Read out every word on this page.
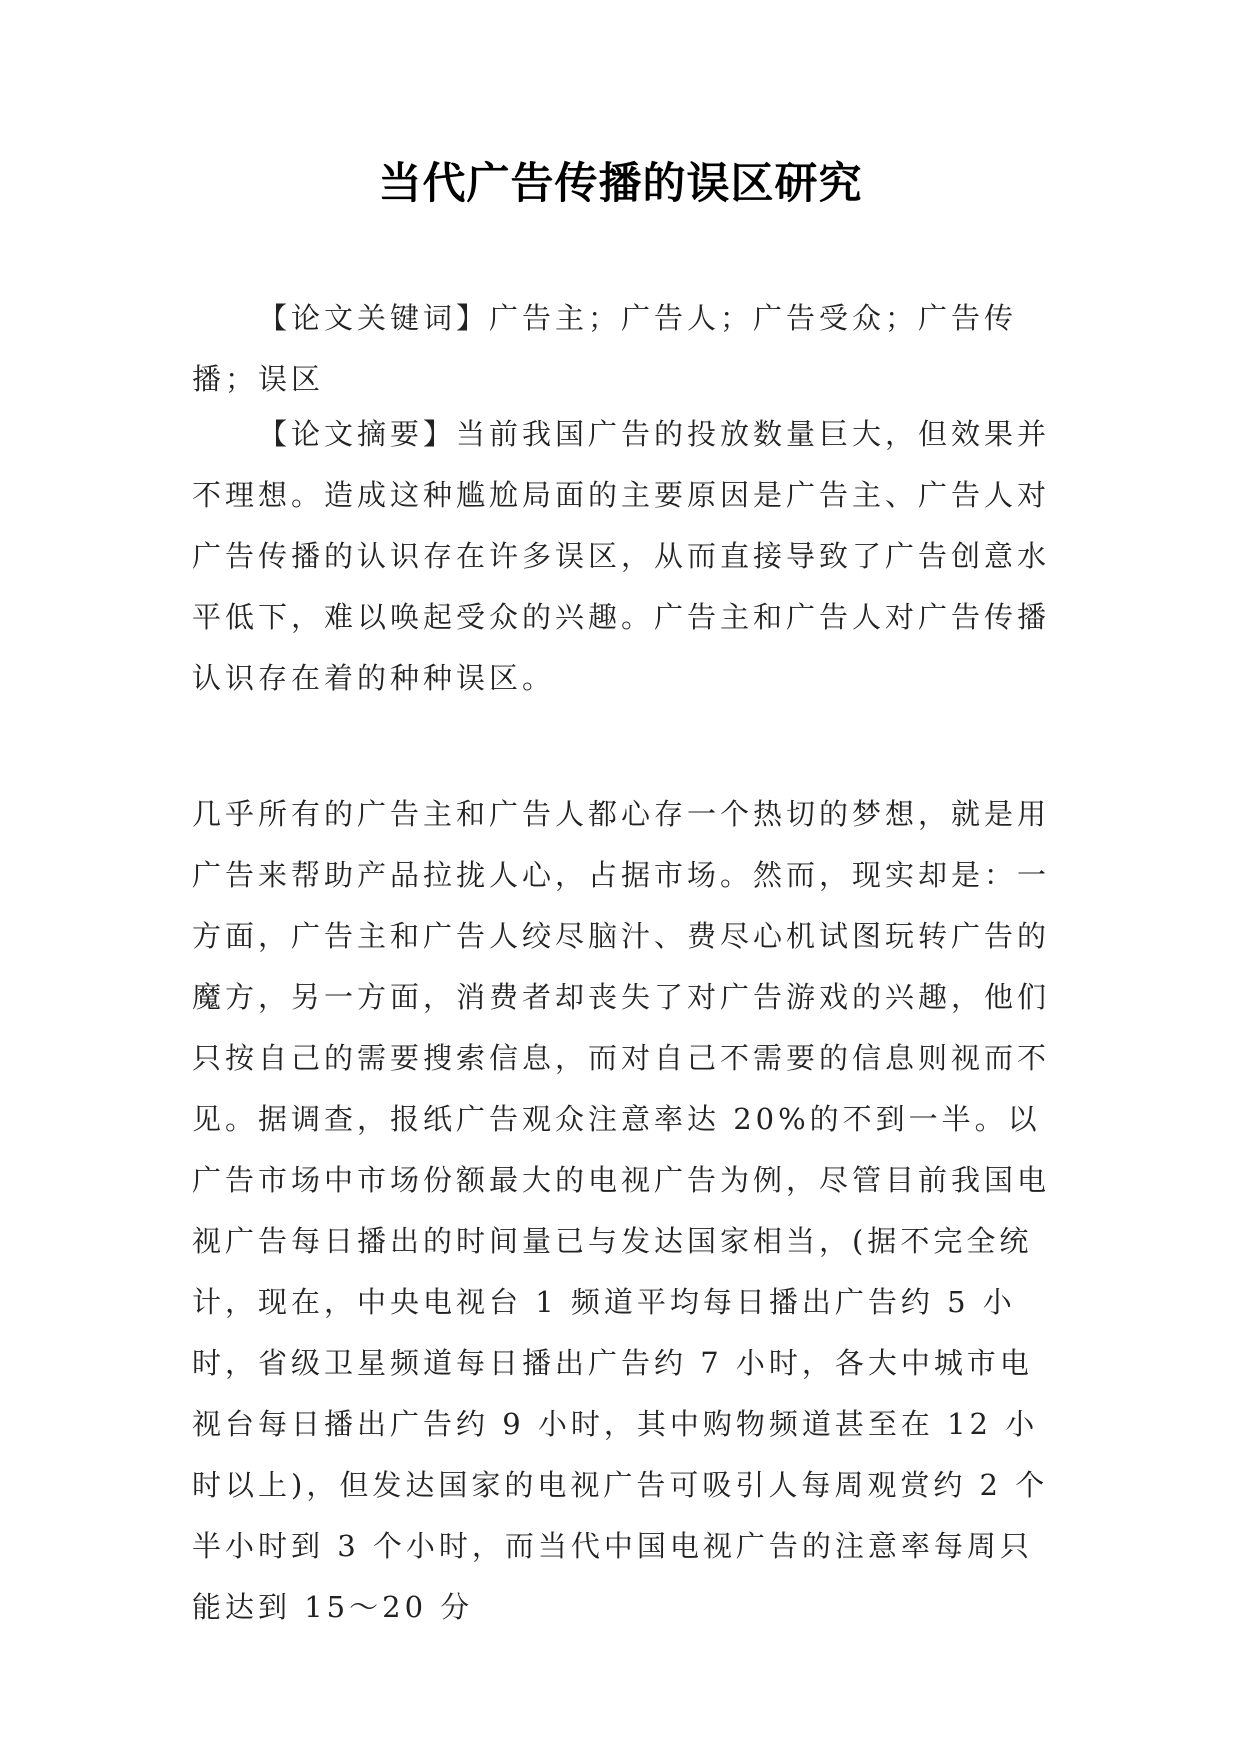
当代广告传播的误区研究

【论文关键词】广告主；广告人；广告受众；广告传播；误区

【论文摘要】当前我国广告的投放数量巨大，但效果并不理想。造成这种尴尬局面的主要原因是广告主、广告人对广告传播的认识存在许多误区，从而直接导致了广告创意水平低下，难以唤起受众的兴趣。广告主和广告人对广告传播认识存在着的种种误区。

几乎所有的广告主和广告人都心存一个热切的梦想，就是用广告来帮助产品拉拢人心，占据市场。然而，现实却是：一方面，广告主和广告人绞尽脑汁、费尽心机试图玩转广告的魔方，另一方面，消费者却丧失了对广告游戏的兴趣，他们只按自己的需要搜索信息，而对自己不需要的信息则视而不见。据调查，报纸广告观众注意率达 20%的不到一半。以广告市场中市场份额最大的电视广告为例，尽管目前我国电视广告每日播出的时间量已与发达国家相当，(据不完全统计，现在，中央电视台 1 频道平均每日播出广告约 5 小时，省级卫星频道每日播出广告约 7 小时，各大中城市电视台每日播出广告约 9 小时，其中购物频道甚至在 12 小时以上)，但发达国家的电视广告可吸引人每周观赏约 2 个半小时到 3 个小时，而当代中国电视广告的注意率每周只能达到 15～20 分
